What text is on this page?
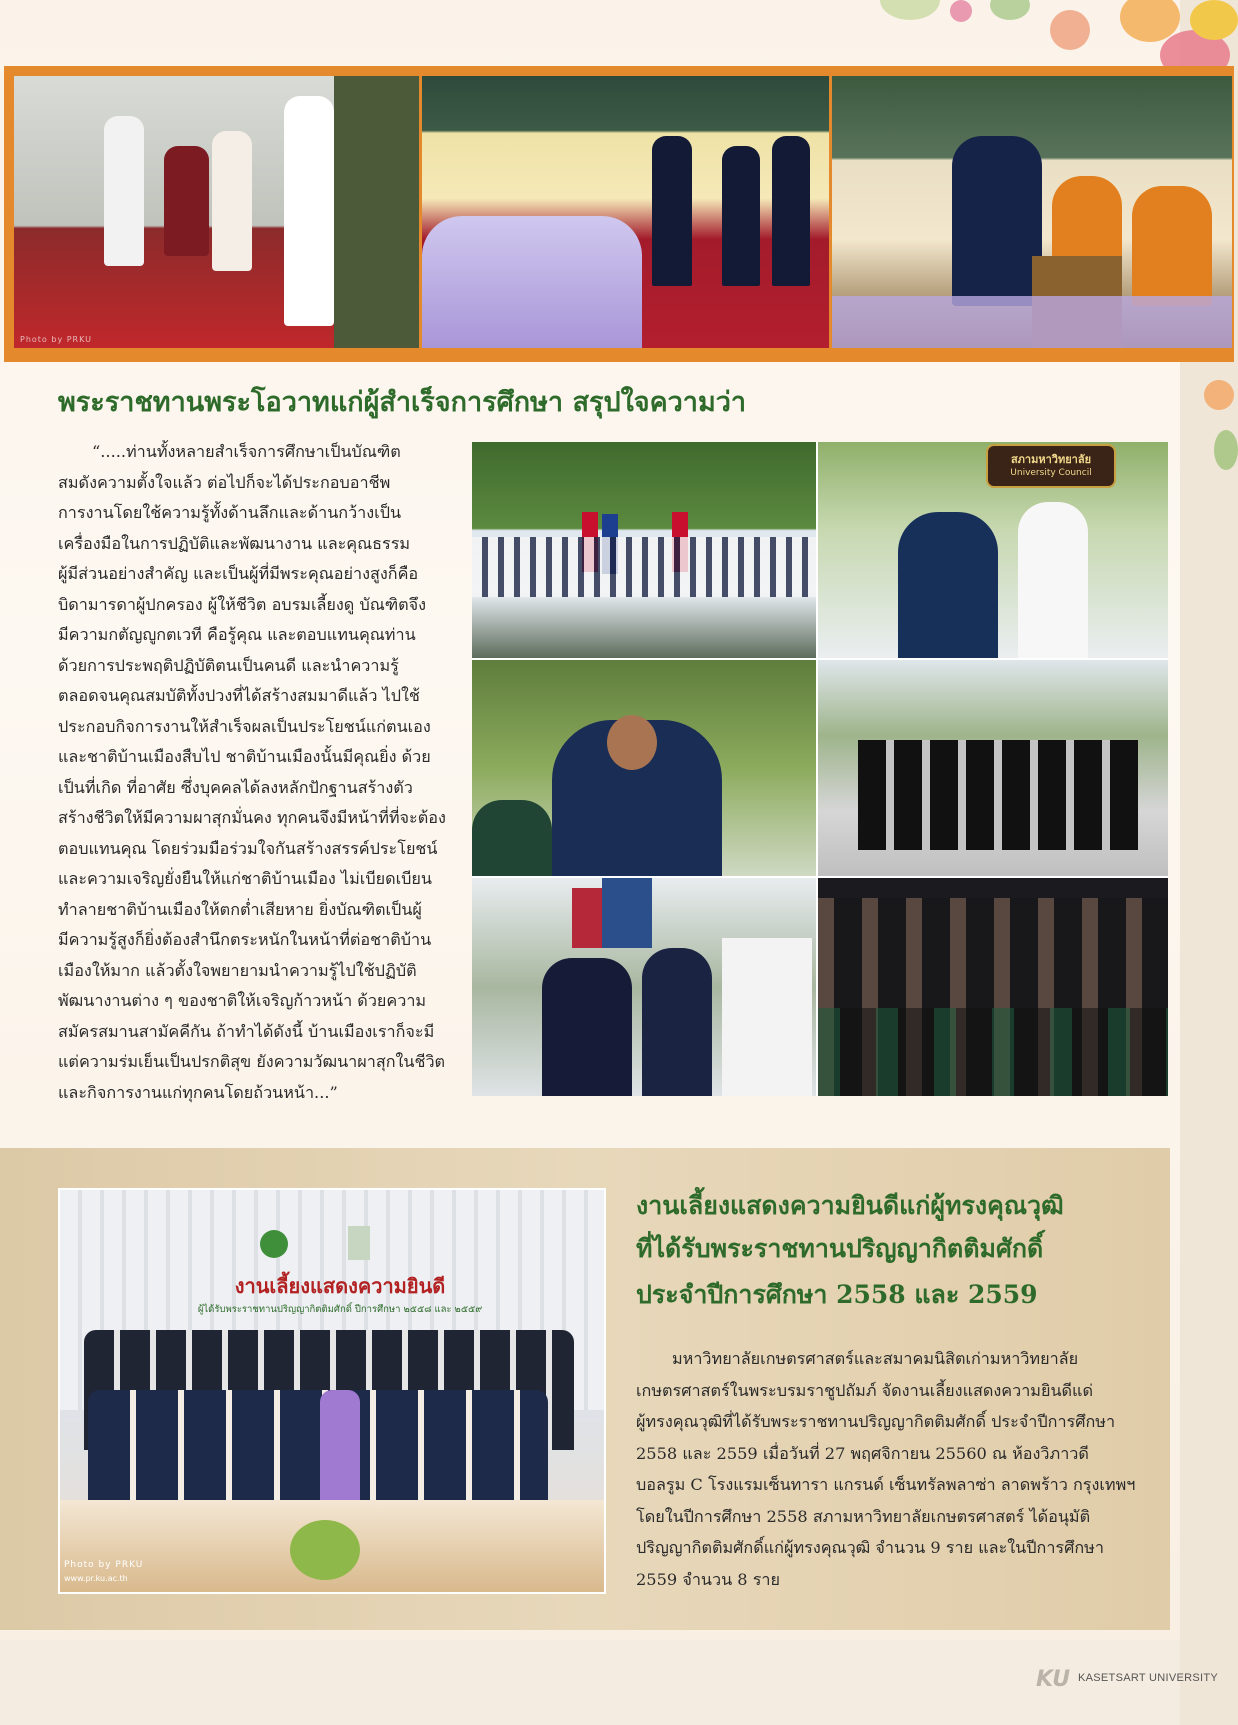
Photo by PRKU
พระราชทานพระโอวาทแก่ผู้สำเร็จการศึกษา สรุปใจความว่า
“.....ท่านทั้งหลายสำเร็จการศึกษาเป็นบัณฑิต
สมดังความตั้งใจแล้ว ต่อไปก็จะได้ประกอบอาชีพ
การงานโดยใช้ความรู้ทั้งด้านลึกและด้านกว้างเป็น
เครื่องมือในการปฏิบัติและพัฒนางาน และคุณธรรม
ผู้มีส่วนอย่างสำคัญ และเป็นผู้ที่มีพระคุณอย่างสูงก็คือ
บิดามารดาผู้ปกครอง ผู้ให้ชีวิต อบรมเลี้ยงดู บัณฑิตจึง
มีความกตัญญูกตเวที คือรู้คุณ และตอบแทนคุณท่าน
ด้วยการประพฤติปฏิบัติตนเป็นคนดี และนำความรู้
ตลอดจนคุณสมบัติทั้งปวงที่ได้สร้างสมมาดีแล้ว ไปใช้
ประกอบกิจการงานให้สำเร็จผลเป็นประโยชน์แก่ตนเอง
และชาติบ้านเมืองสืบไป ชาติบ้านเมืองนั้นมีคุณยิ่ง ด้วย
เป็นที่เกิด ที่อาศัย ซึ่งบุคคลได้ลงหลักปักฐานสร้างตัว
สร้างชีวิตให้มีความผาสุกมั่นคง ทุกคนจึงมีหน้าที่ที่จะต้อง
ตอบแทนคุณ โดยร่วมมือร่วมใจกันสร้างสรรค์ประโยชน์
และความเจริญยั่งยืนให้แก่ชาติบ้านเมือง ไม่เบียดเบียน
ทำลายชาติบ้านเมืองให้ตกต่ำเสียหาย ยิ่งบัณฑิตเป็นผู้
มีความรู้สูงก็ยิ่งต้องสำนึกตระหนักในหน้าที่ต่อชาติบ้าน
เมืองให้มาก แล้วตั้งใจพยายามนำความรู้ไปใช้ปฏิบัติ
พัฒนางานต่าง ๆ ของชาติให้เจริญก้าวหน้า ด้วยความ
สมัครสมานสามัคคีกัน ถ้าทำได้ดังนี้ บ้านเมืองเราก็จะมี
แต่ความร่มเย็นเป็นปรกติสุข ยังความวัฒนาผาสุกในชีวิต
และกิจการงานแก่ทุกคนโดยถ้วนหน้า...”
สภามหาวิทยาลัย
University Council
งานเลี้ยงแสดงความยินดี
ผู้ได้รับพระราชทานปริญญากิตติมศักดิ์ ปีการศึกษา ๒๕๕๘ และ ๒๕๕๙
Photo by PRKU
www.pr.ku.ac.th
งานเลี้ยงแสดงความยินดีแก่ผู้ทรงคุณวุฒิ
ที่ได้รับพระราชทานปริญญากิตติมศักดิ์
ประจำปีการศึกษา 2558 และ 2559
มหาวิทยาลัยเกษตรศาสตร์และสมาคมนิสิตเก่ามหาวิทยาลัย
เกษตรศาสตร์ในพระบรมราชูปถัมภ์ จัดงานเลี้ยงแสดงความยินดีแด่
ผู้ทรงคุณวุฒิที่ได้รับพระราชทานปริญญากิตติมศักดิ์ ประจำปีการศึกษา
2558 และ 2559 เมื่อวันที่ 27 พฤศจิกายน 25560 ณ ห้องวิภาวดี
บอลรูม C โรงแรมเซ็นทารา แกรนด์ เซ็นทรัลพลาซ่า ลาดพร้าว กรุงเทพฯ
โดยในปีการศึกษา 2558 สภามหาวิทยาลัยเกษตรศาสตร์ ได้อนุมัติ
ปริญญากิตติมศักดิ์แก่ผู้ทรงคุณวุฒิ จำนวน 9 ราย และในปีการศึกษา
2559 จำนวน 8 ราย
KU KASETSART UNIVERSITY
